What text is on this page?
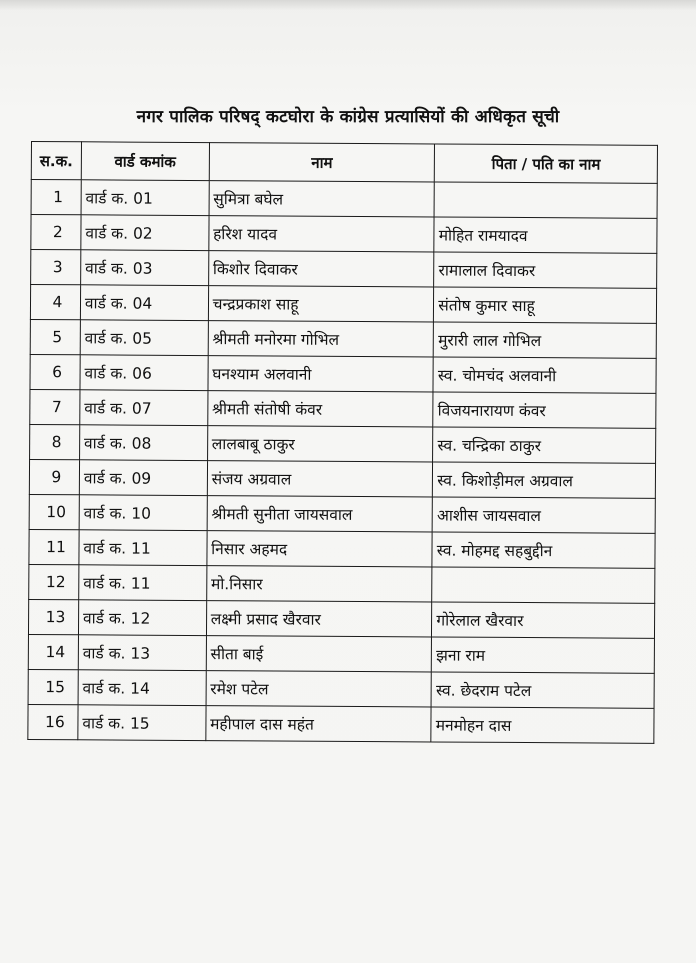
नगर पालिक परिषद् कटघोरा के कांग्रेस प्रत्यासियों की अधिकृत सूची
स.क.	वार्ड कमांक	नाम	पिता / पति का नाम
1	वार्ड क. 01	सुमित्रा बघेल	
2	वार्ड क. 02	हरिश यादव	मोहित रामयादव
3	वार्ड क. 03	किशोर दिवाकर	रामालाल दिवाकर
4	वार्ड क. 04	चन्द्रप्रकाश साहू	संतोष कुमार साहू
5	वार्ड क. 05	श्रीमती मनोरमा गोभिल	मुरारी लाल गोभिल
6	वार्ड क. 06	घनश्याम अलवानी	स्व. चोमचंद अलवानी
7	वार्ड क. 07	श्रीमती संतोषी कंवर	विजयनारायण कंवर
8	वार्ड क. 08	लालबाबू ठाकुर	स्व. चन्द्रिका ठाकुर
9	वार्ड क. 09	संजय अग्रवाल	स्व. किशोड़ीमल अग्रवाल
10	वार्ड क. 10	श्रीमती सुनीता जायसवाल	आशीस जायसवाल
11	वार्ड क. 11	निसार अहमद	स्व. मोहमद्द सहबुद्दीन
12	वार्ड क. 11	मो.निसार	
13	वार्ड क. 12	लक्ष्मी प्रसाद खैरवार	गोरेलाल खैरवार
14	वार्ड क. 13	सीता बाई	झना राम
15	वार्ड क. 14	रमेश पटेल	स्व. छेदराम पटेल
16	वार्ड क. 15	महीपाल दास महंत	मनमोहन दास
